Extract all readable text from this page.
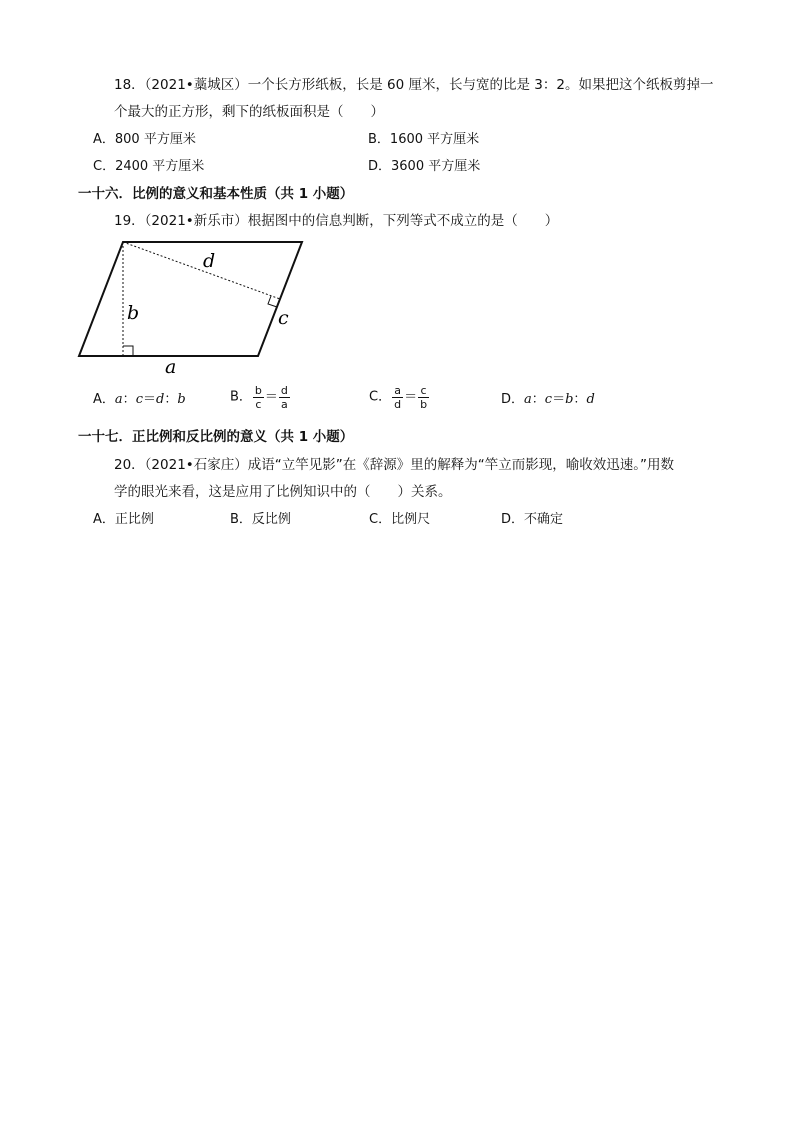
18．（2021•藁城区）一个长方形纸板，长是 60 厘米，长与宽的比是 3：2。如果把这个纸板剪掉一
个最大的正方形，剩下的纸板面积是（　　）
A．800 平方厘米	B．1600 平方厘米
C．2400 平方厘米	D．3600 平方厘米
一十六．比例的意义和基本性质（共 1 小题）
19．（2021•新乐市）根据图中的信息判断，下列等式不成立的是（　　）
d
b	c
a
A．a：c＝d：b	B． $\frac{b}{c} = \frac{d}{a}$	C． $\frac{a}{d} = \frac{c}{b}$	D．a：c＝b：d
一十七．正比例和反比例的意义（共 1 小题）
20．（2021•石家庄）成语“立竿见影”在《辞源》里的解释为“竿立而影现，喻收效迅速。”用数
学的眼光来看，这是应用了比例知识中的（　　）关系。
A．正比例	B．反比例	C．比例尺	D．不确定
